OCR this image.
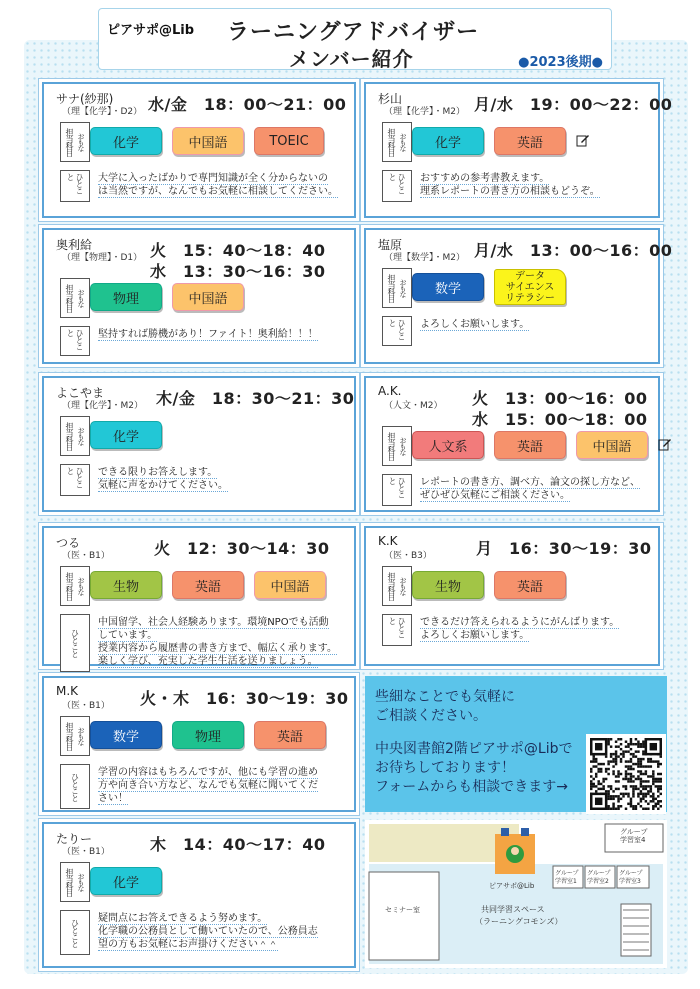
ピアサポ@Lib ラーニングアドバイザー
メンバー紹介	●2023後期●
サナ(紗那)
（理【化学】・D2） 水/金　18：00〜21：00
担当科目 おもな	化学	中国語	TOEIC
ひとこと	大学に入ったばかりで専門知識が全く分からないの
は当然ですが、なんでもお気軽に相談してください。
杉山
（理【化学】・M2） 月/水　19：00〜22：00
担当科目 おもな	化学	英語
ひとこと	おすすめの参考書教えます。
理系レポートの書き方の相談もどうぞ。
奥利給
（理【物理】・D1） 火　15：40〜18：40
水　13：30〜16：30
担当科目 おもな	物理	中国語
ひとこと	堅持すれば勝機があり！ファイト！奥利給！！！
塩原
（理【数学】・M2） 月/水　13：00〜16：00
担当科目 おもな	数学
データ
サイエンス
リテラシー
ひとこと	よろしくお願いします。
よこやま
（理【化学】・M2） 木/金　18：30〜21：30
担当科目 おもな	化学
ひとこと	できる限りお答えします。
気軽に声をかけてください。
A.K.
（人文・M2） 火　13：00〜16：00
水　15：00〜18：00
担当科目 おもな	人文系	英語	中国語
ひとこと	レポートの書き方、調べ方、論文の探し方など、
ぜひぜひ気軽にご相談ください。
つる
（医・B1）	火　12：30〜14：30
担当科目 おもな	生物	英語	中国語
ひとこと
中国留学、社会人経験あります。環境NPOでも活動
しています。
授業内容から履歴書の書き方まで、幅広く承ります。
楽しく学び、充実した学生生活を送りましょう。
K.K
（医・B3）	月　16：30〜19：30
担当科目 おもな	生物	英語
ひとこと	できるだけ答えられるようにがんばります。
よろしくお願いします。
M.K
（医・B1） 火・木　16：30〜19：30
担当科目 おもな	数学	物理	英語
ひとこと 学習の内容はもちろんですが、他にも学習の進め
方や向き合い方など、なんでも気軽に聞いてくだ
さい！
たりー
（医・B1）	木　14：40〜17：40
担当科目 おもな	化学
ひとこと 疑問点にお答えできるよう努めます。
化学職の公務員として働いていたので、公務員志
望の方もお気軽にお声掛けください＾＾

些細なことでも気軽に
ご相談ください。

中央図書館2階ピアサポ@Libで
お待ちしております！
フォームからも相談できます→

グループ学習室4
グループ学習室1
グループ学習室2
グループ学習室3
ピアサポ@Lib
セミナー室	共同学習スペース
（ラーニングコモンズ）
